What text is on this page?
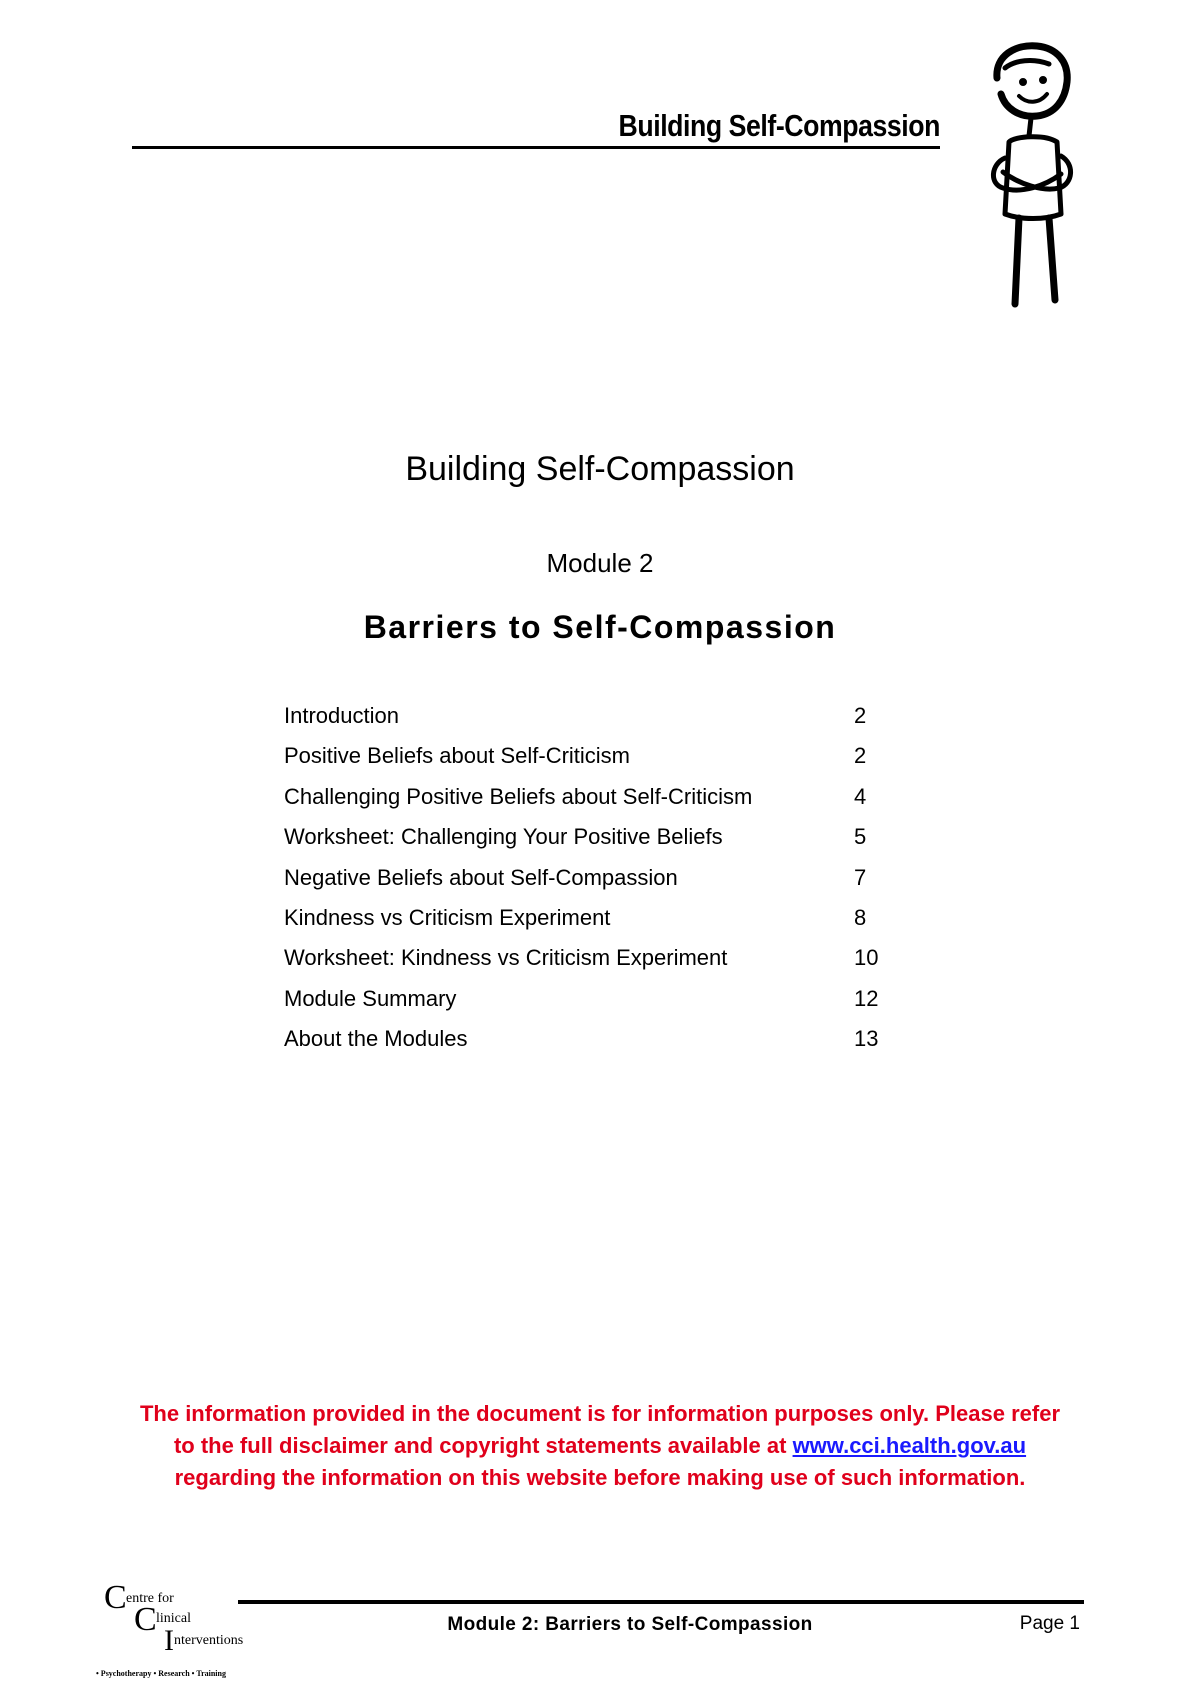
Building Self-Compassion
Building Self-Compassion
Module 2
Barriers to Self-Compassion
Introduction	2
Positive Beliefs about Self-Criticism	2
Challenging Positive Beliefs about Self-Criticism	4
Worksheet: Challenging Your Positive Beliefs	5
Negative Beliefs about Self-Compassion	7
Kindness vs Criticism Experiment	8
Worksheet: Kindness vs Criticism Experiment	10
Module Summary	12
About the Modules	13
The information provided in the document is for information purposes only. Please refer to the full disclaimer and copyright statements available at www.cci.health.gov.au regarding the information on this website before making use of such information.
C entre for
C linical
I nterventions
• Psychotherapy • Research • Training
Module 2: Barriers to Self-Compassion	Page 1
